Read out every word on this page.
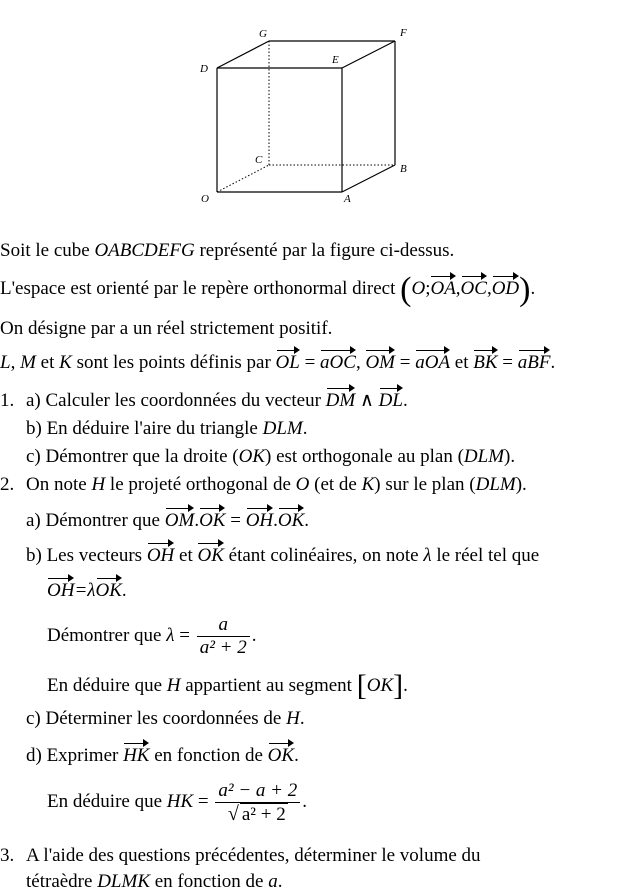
G	F
D
E
C
B
O	A
Soit le cube OABCDEFG représenté par la figure ci-dessus.
L'espace est orienté par le repère orthonormal direct (O;OA,OC,OD).
On désigne par a un réel strictement positif.
L, M et K sont les points définis par OL = aOC, OM = aOA et BK = aBF.
1. a) Calculer les coordonnées du vecteur DM ∧ DL.
b) En déduire l'aire du triangle DLM.
c) Démontrer que la droite (OK) est orthogonale au plan (DLM).
2. On note H le projeté orthogonal de O (et de K) sur le plan (DLM).
a) Démontrer que OM.OK = OH.OK.
b) Les vecteurs OH et OK étant colinéaires, on note λ le réel tel que
OH=λOK.
Démontrer que $\lambda = \frac{a}{\text{a² + 2}}$ .
En déduire que H appartient au segment [OK].
c) Déterminer les coordonnées de H.
d) Exprimer HK en fonction de OK.
En déduire que HK = $\frac{\text{a² − a + 2}}{\text{√ a² + 2}}$ .
3. A l'aide des questions précédentes, déterminer le volume du
tétraèdre DLMK en fonction de a.
